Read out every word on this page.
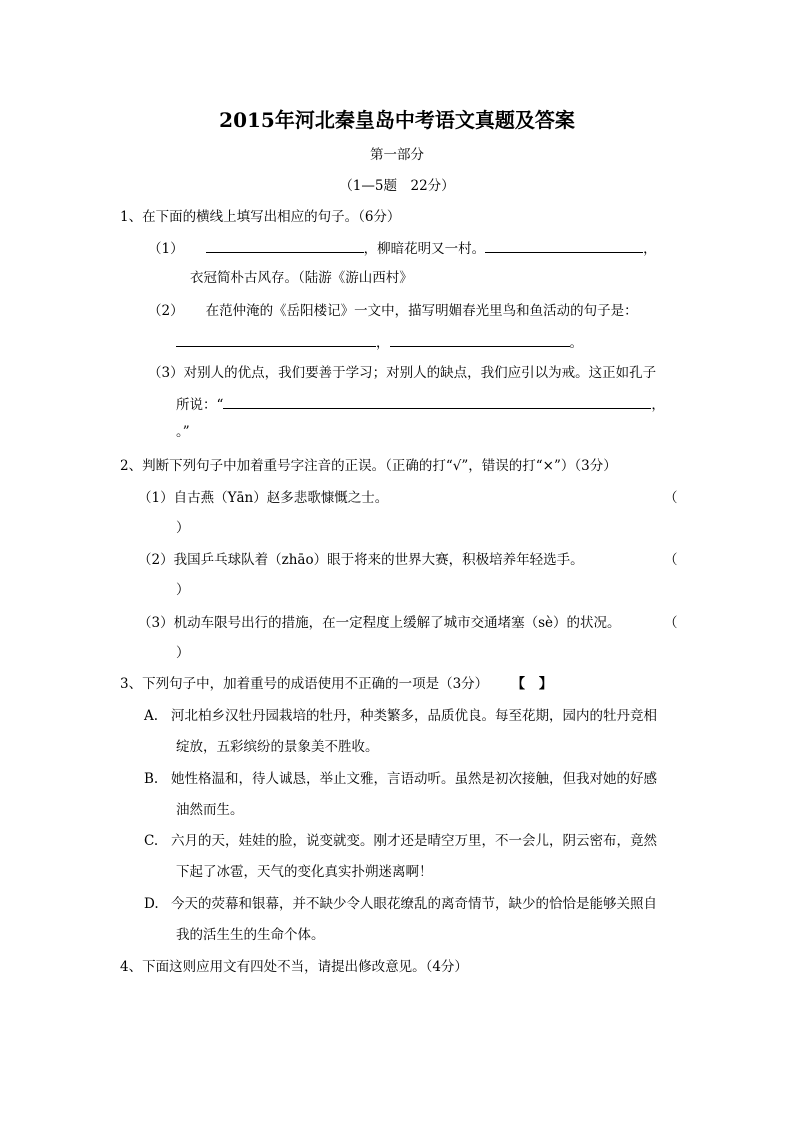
2015年河北秦皇岛中考语文真题及答案
第一部分
（1—5题　22分）
1、在下面的横线上填写出相应的句子。（6分）
（1）	，柳暗花明又一村。	，
衣冠简朴古风存。（陆游《游山西村》
（2） 在范仲淹的《岳阳楼记》一文中，描写明媚春光里鸟和鱼活动的句子是：
，	。
（3）对别人的优点，我们要善于学习；对别人的缺点，我们应引以为戒。这正如孔子
所说：“	，
。”
2、判断下列句子中加着重号字注音的正误。（正确的打“√”，错误的打“×”）（3分）
（1）自古燕（Yān）赵多悲歌慷慨之士。	（
）
（2）我国乒乓球队着（zhāo）眼于将来的世界大赛，积极培养年轻选手。	（
）
（3）机动车限号出行的措施，在一定程度上缓解了城市交通堵塞（sè）的状况。	（
）
3、下列句子中，加着重号的成语使用不正确的一项是（3分） 【】
A. 河北柏乡汉牡丹园栽培的牡丹，种类繁多，品质优良。每至花期，园内的牡丹竞相
绽放，五彩缤纷的景象美不胜收。
B. 她性格温和，待人诚恳，举止文雅，言语动听。虽然是初次接触，但我对她的好感
油然而生。
C. 六月的天，娃娃的脸，说变就变。刚才还是晴空万里，不一会儿，阴云密布，竟然
下起了冰雹，天气的变化真实扑朔迷离啊！
D. 今天的荧幕和银幕，并不缺少令人眼花缭乱的离奇情节，缺少的恰恰是能够关照自
我的活生生的生命个体。
4、下面这则应用文有四处不当，请提出修改意见。（4分）
